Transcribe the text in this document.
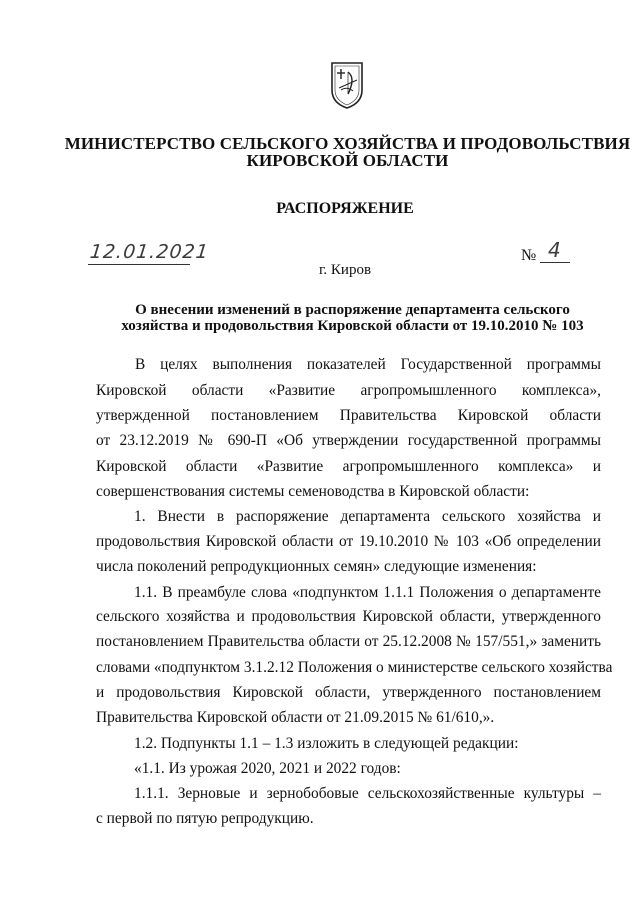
МИНИСТЕРСТВО СЕЛЬСКОГО ХОЗЯЙСТВА И ПРОДОВОЛЬСТВИЯ
КИРОВСКОЙ ОБЛАСТИ
РАСПОРЯЖЕНИЕ
12.01.2021	№ 4
г. Киров
О внесении изменений в распоряжение департамента сельского
хозяйства и продовольствия Кировской области от 19.10.2010 № 103
В целях выполнения показателей Государственной программы
Кировской области «Развитие агропромышленного комплекса»,
утвержденной постановлением Правительства Кировской области
от 23.12.2019 № 690-П «Об утверждении государственной программы
Кировской области «Развитие агропромышленного комплекса» и
совершенствования системы семеноводства в Кировской области:
1. Внести в распоряжение департамента сельского хозяйства и
продовольствия Кировской области от 19.10.2010 № 103 «Об определении
числа поколений репродукционных семян» следующие изменения:
1.1. В преамбуле слова «подпунктом 1.1.1 Положения о департаменте
сельского хозяйства и продовольствия Кировской области, утвержденного
постановлением Правительства области от 25.12.2008 № 157/551,» заменить
словами «подпунктом 3.1.2.12 Положения о министерстве сельского хозяйства
и продовольствия Кировской области, утвержденного постановлением
Правительства Кировской области от 21.09.2015 № 61/610,».
1.2. Подпункты 1.1 – 1.3 изложить в следующей редакции:
«1.1. Из урожая 2020, 2021 и 2022 годов:
1.1.1. Зерновые и зернобобовые сельскохозяйственные культуры –
с первой по пятую репродукцию.
